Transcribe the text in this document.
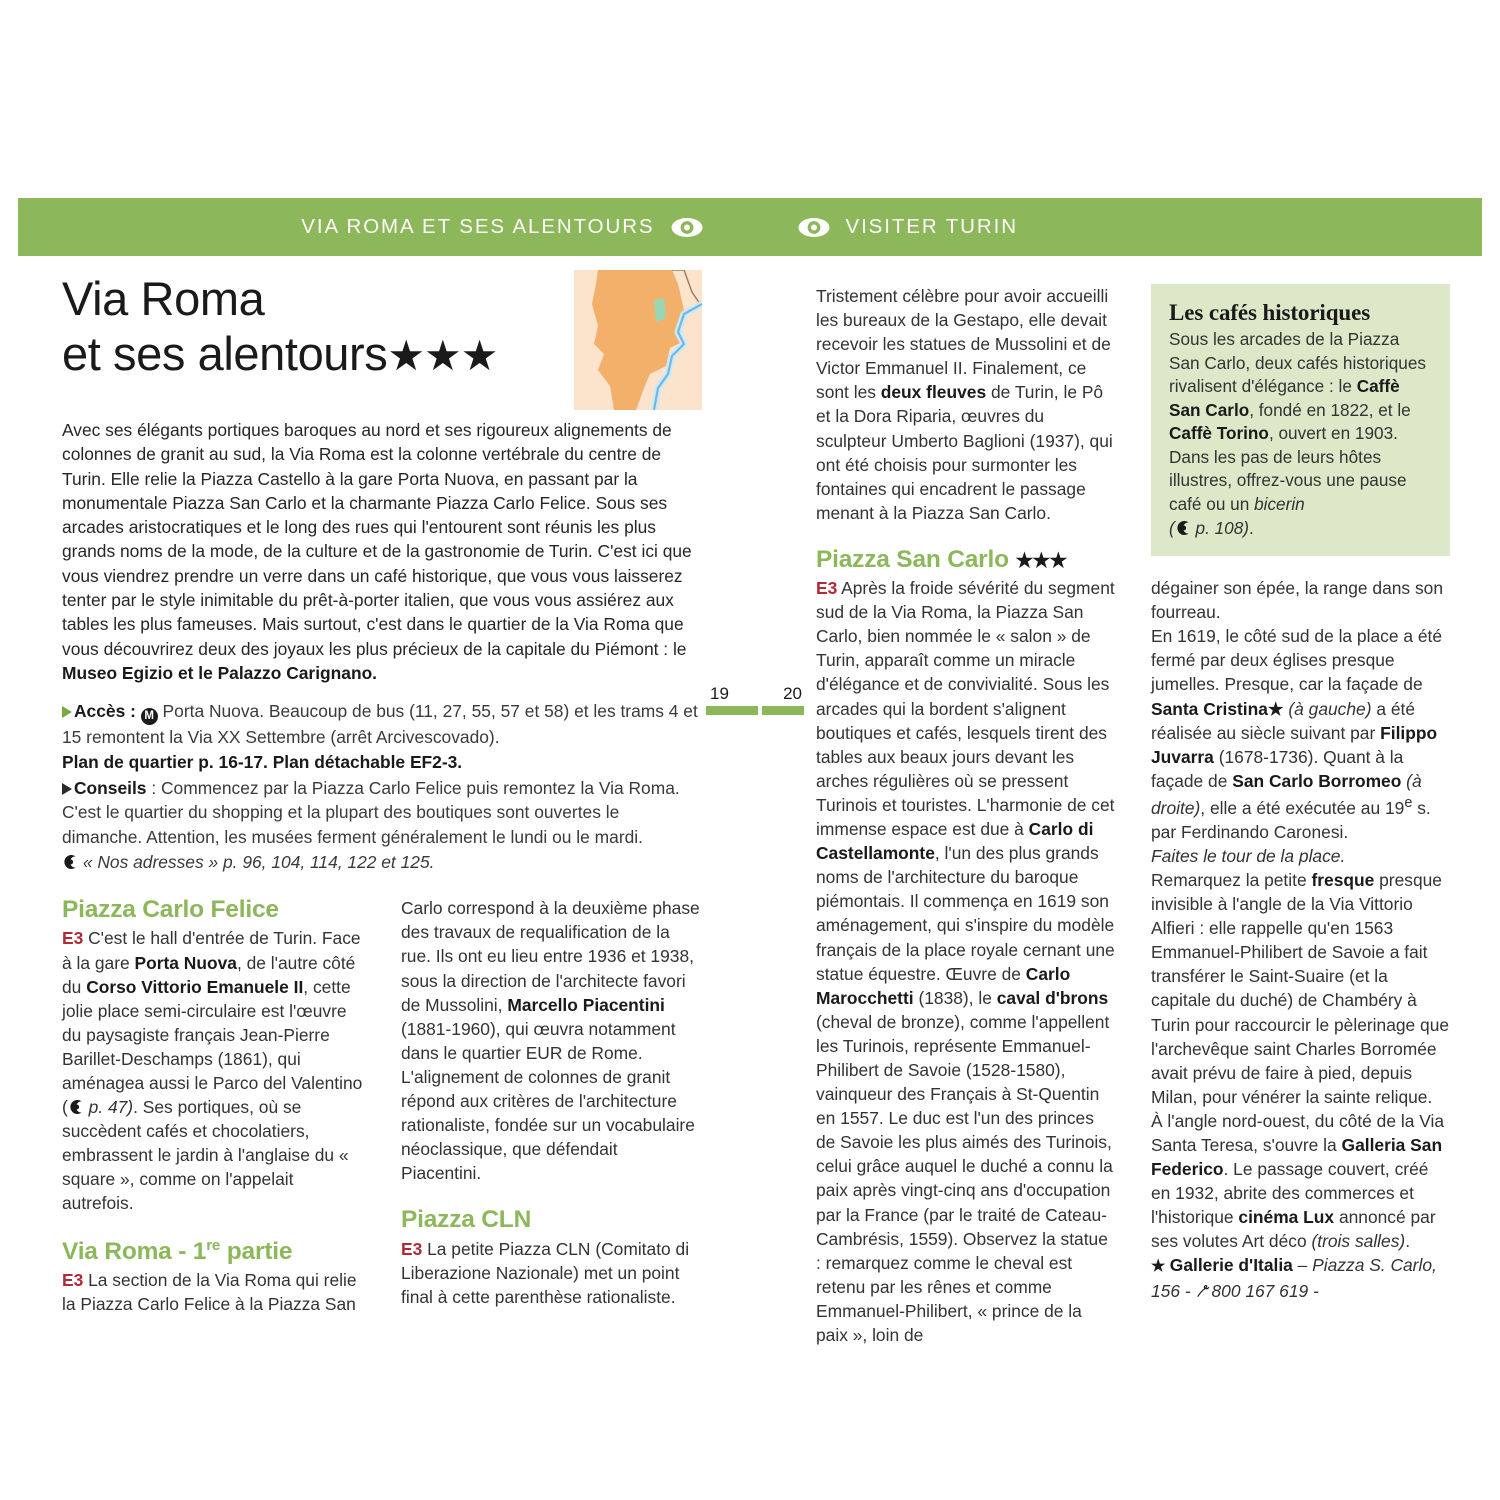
VIA ROMA ET SES ALENTOURS	VISITER TURIN
Via Roma
et ses alentours★★★

Avec ses élégants portiques baroques au nord et ses rigoureux alignements de colonnes de granit au sud, la Via Roma est la colonne vertébrale du centre de Turin. Elle relie la Piazza Castello à la gare Porta Nuova, en passant par la monumentale Piazza San Carlo et la charmante Piazza Carlo Felice. Sous ses arcades aristocratiques et le long des rues qui l'entourent sont réunis les plus grands noms de la mode, de la culture et de la gastronomie de Turin. C'est ici que vous viendrez prendre un verre dans un café historique, que vous vous laisserez tenter par le style inimitable du prêt-à-porter italien, que vous vous assiérez aux tables les plus fameuses. Mais surtout, c'est dans le quartier de la Via Roma que vous découvrirez deux des joyaux les plus précieux de la capitale du Piémont : le Museo Egizio et le Palazzo Carignano.

Accès : M Porta Nuova. Beaucoup de bus (11, 27, 55, 57 et 58) et les trams 4 et 15 remontent la Via XX Settembre (arrêt Arcivescovado).
Plan de quartier p. 16-17. Plan détachable EF2-3.
Conseils : Commencez par la Piazza Carlo Felice puis remontez la Via Roma. C'est le quartier du shopping et la plupart des boutiques sont ouvertes le dimanche. Attention, les musées ferment généralement le lundi ou le mardi.
« Nos adresses » p. 96, 104, 114, 122 et 125.
Piazza Carlo Felice

E3 C'est le hall d'entrée de Turin. Face à la gare Porta Nuova, de l'autre côté du Corso Vittorio Emanuele II, cette jolie place semi-circulaire est l'œuvre du paysagiste français Jean-Pierre Barillet-Deschamps (1861), qui aménagea aussi le Parco del Valentino ( p. 47). Ses portiques, où se succèdent cafés et chocolatiers, embrassent le jardin à l'anglaise du « square », comme on l'appelait autrefois.

Via Roma - 1re partie

E3 La section de la Via Roma qui relie la Piazza Carlo Felice à la Piazza San

Carlo correspond à la deuxième phase des travaux de requalification de la rue. Ils ont eu lieu entre 1936 et 1938, sous la direction de l'architecte favori de Mussolini, Marcello Piacentini (1881-1960), qui œuvra notamment dans le quartier EUR de Rome. L'alignement de colonnes de granit répond aux critères de l'architecture rationaliste, fondée sur un vocabulaire néoclassique, que défendait Piacentini.

Piazza CLN

E3 La petite Piazza CLN (Comitato di Liberazione Nazionale) met un point final à cette parenthèse rationaliste.

19	20

Tristement célèbre pour avoir accueilli les bureaux de la Gestapo, elle devait recevoir les statues de Mussolini et de Victor Emmanuel II. Finalement, ce sont les deux fleuves de Turin, le Pô et la Dora Riparia, œuvres du sculpteur Umberto Baglioni (1937), qui ont été choisis pour surmonter les fontaines qui encadrent le passage menant à la Piazza San Carlo.

Piazza San Carlo ★★★

E3 Après la froide sévérité du segment sud de la Via Roma, la Piazza San Carlo, bien nommée le « salon » de Turin, apparaît comme un miracle d'élégance et de convivialité. Sous les arcades qui la bordent s'alignent boutiques et cafés, lesquels tirent des tables aux beaux jours devant les arches régulières où se pressent Turinois et touristes. L'harmonie de cet immense espace est due à Carlo di Castellamonte, l'un des plus grands noms de l'architecture du baroque piémontais. Il commença en 1619 son aménagement, qui s'inspire du modèle français de la place royale cernant une statue équestre. Œuvre de Carlo Marocchetti (1838), le caval d'brons (cheval de bronze), comme l'appellent les Turinois, représente Emmanuel-Philibert de Savoie (1528-1580), vainqueur des Français à St-Quentin en 1557. Le duc est l'un des princes de Savoie les plus aimés des Turinois, celui grâce auquel le duché a connu la paix après vingt-cinq ans d'occupation par la France (par le traité de Cateau-Cambrésis, 1559). Observez la statue : remarquez comme le cheval est retenu par les rênes et comme Emmanuel-Philibert, « prince de la paix », loin de

Les cafés historiques

Sous les arcades de la Piazza San Carlo, deux cafés historiques rivalisent d'élégance : le Caffè San Carlo, fondé en 1822, et le Caffè Torino, ouvert en 1903. Dans les pas de leurs hôtes illustres, offrez-vous une pause café ou un bicerin
( p. 108).

dégainer son épée, la range dans son fourreau.

En 1619, le côté sud de la place a été fermé par deux églises presque jumelles. Presque, car la façade de Santa Cristina★ (à gauche) a été réalisée au siècle suivant par Filippo Juvarra (1678-1736). Quant à la façade de San Carlo Borromeo (à droite), elle a été exécutée au 19e s. par Ferdinando Caronesi.

Faites le tour de la place.

Remarquez la petite fresque presque invisible à l'angle de la Via Vittorio Alfieri : elle rappelle qu'en 1563 Emmanuel-Philibert de Savoie a fait transférer le Saint-Suaire (et la capitale du duché) de Chambéry à Turin pour raccourcir le pèlerinage que l'archevêque saint Charles Borromée avait prévu de faire à pied, depuis Milan, pour vénérer la sainte relique.

À l'angle nord-ouest, du côté de la Via Santa Teresa, s'ouvre la Galleria San Federico. Le passage couvert, créé en 1932, abrite des commerces et l'historique cinéma Lux annoncé par ses volutes Art déco (trois salles).

★ Gallerie d'Italia – Piazza S. Carlo, 156 - 800 167 619 -
